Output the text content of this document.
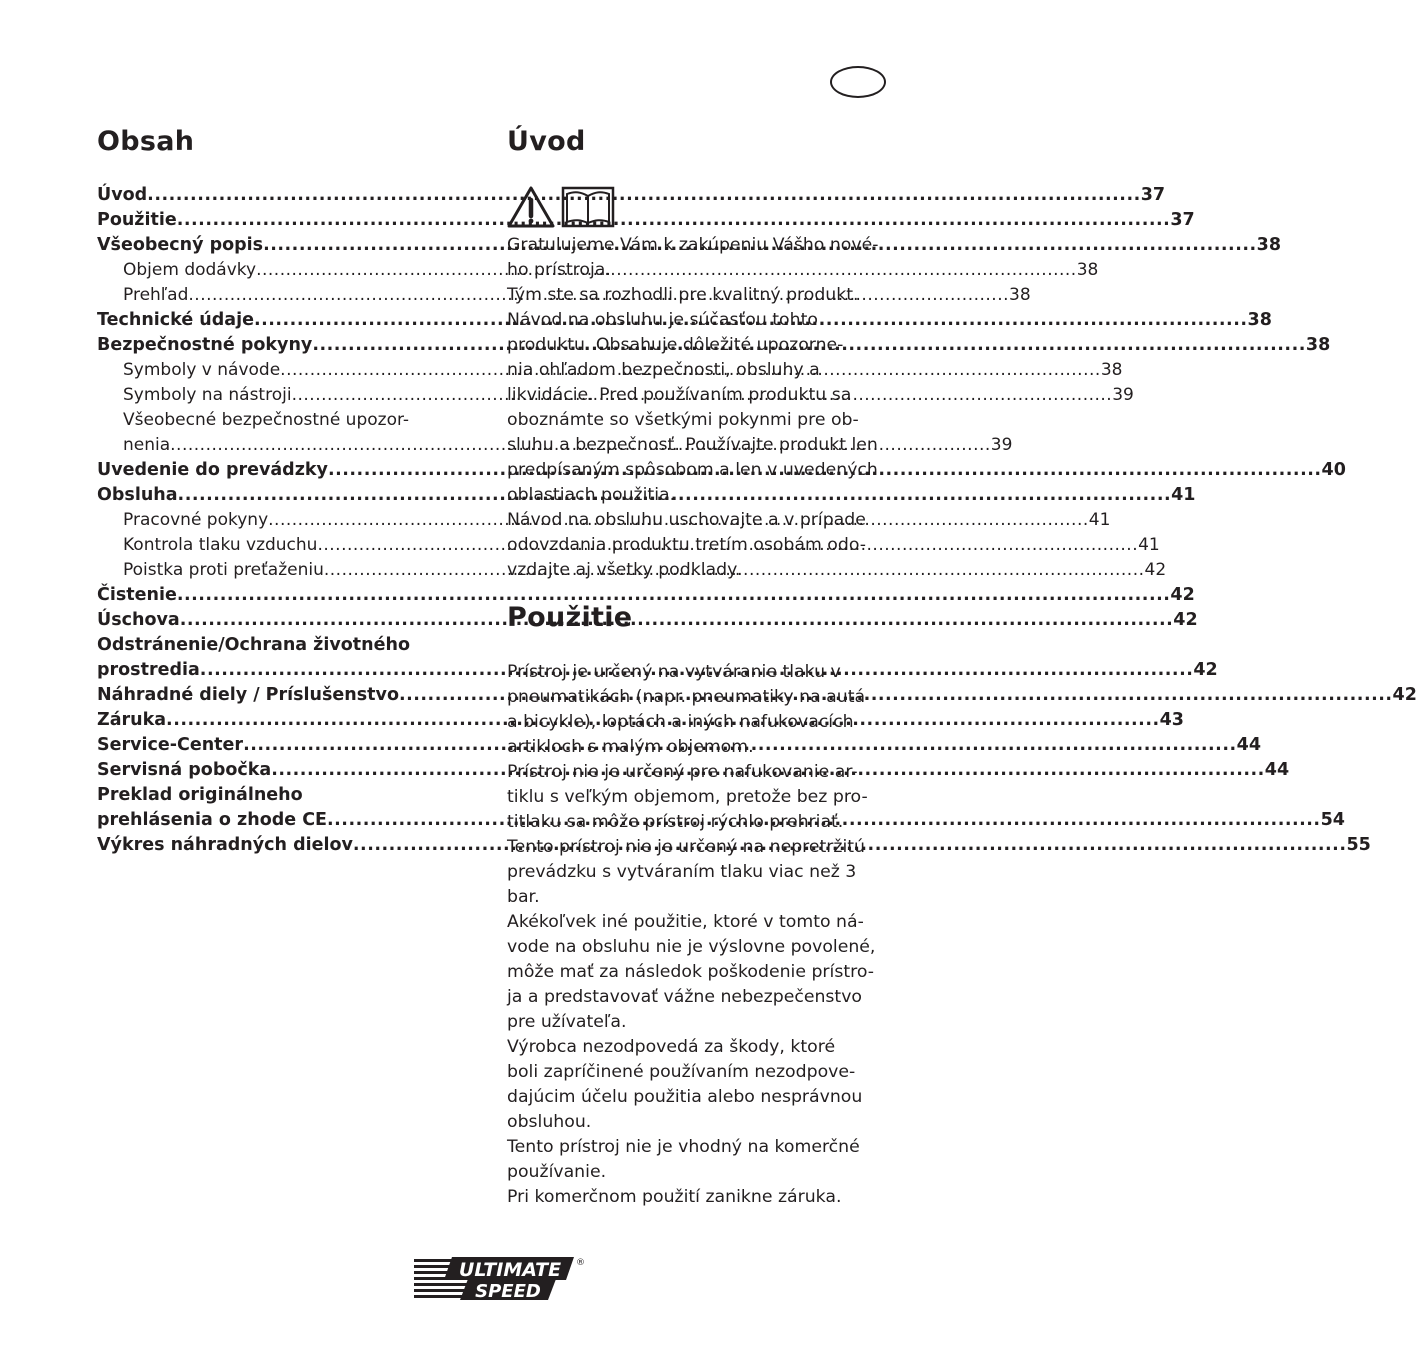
Obsah
Úvod .....	37
Použitie .....	37
Všeobecný popis .....	38
Objem dodávky .....	38
Prehľad .....	38
Technické údaje .....	38
Bezpečnostné pokyny .....	38
Symboly v návode .....	38
Symboly na nástroji .....	39
Všeobecné bezpečnostné upozor-
nenia .....	39
Uvedenie do prevádzky .....	40
Obsluha .....	41
Pracovné pokyny .....	41
Kontrola tlaku vzduchu .....	41
Poistka proti preťaženiu .....	42
Čistenie .....	42
Úschova .....	42
Odstránenie/Ochrana životného
prostredia .....	42
Náhradné diely / Príslušenstvo .....	42
Záruka .....	43
Service-Center .....	44
Servisná pobočka .....	44
Preklad originálneho
prehlásenia o zhode CE .....	54
Výkres náhradných dielov .....	55
Úvod

Gratulujeme Vám k zakúpeniu Vášho nové-

ho prístroja.

Tým ste sa rozhodli pre kvalitný produkt.

Návod na obsluhu je súčasťou tohto

produktu. Obsahuje dôležité upozorne-

nia ohľadom bezpečnosti, obsluhy a

likvidácie. Pred používaním produktu sa

oboznámte so všetkými pokynmi pre ob-

sluhu a bezpečnosť. Používajte produkt len

predpísaným spôsobom a len v uvedených

oblastiach použitia.

Návod na obsluhu uschovajte a v prípade

odovzdania produktu tretím osobám odo-

vzdajte aj všetky podklady.

Použitie

Prístroj je určený na vytváranie tlaku v

pneumatikách (napr. pneumatiky na autá

a bicykle), loptách a iných nafukovacích

artikloch s malým objemom.

Prístroj nie je určený pre nafukovanie ar-

tiklu s veľkým objemom, pretože bez pro-

titlaku sa môže prístroj rýchlo prehriať.

Tento prístroj nie je určený na nepretržitú

prevádzku s vytváraním tlaku viac než 3

bar.

Akékoľvek iné použitie, ktoré v tomto ná-

vode na obsluhu nie je výslovne povolené,

môže mať za následok poškodenie prístro-

ja a predstavovať vážne nebezpečenstvo

pre užívateľa.

Výrobca nezodpovedá za škody, ktoré

boli zapríčinené používaním nezodpove-

dajúcim účelu použitia alebo nesprávnou

obsluhou.

Tento prístroj nie je vhodný na komerčné

používanie.

Pri komerčnom použití zanikne záruka.

ULTIMATE
SPEED
®
